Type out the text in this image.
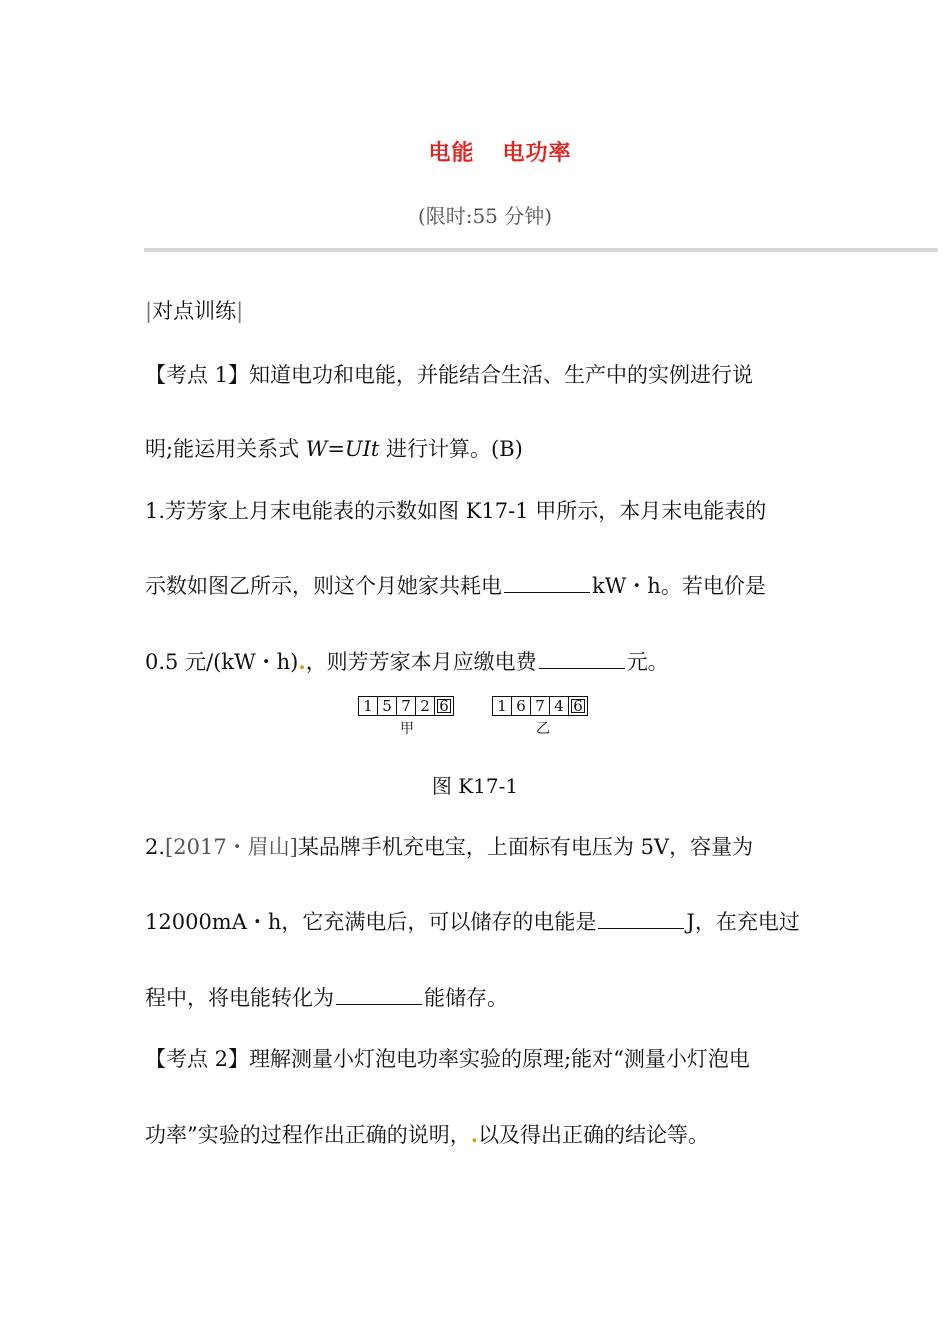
电能 电功率
(限时:55 分钟)
|对点训练|
【考点 1】知道电功和电能，并能结合生活、生产中的实例进行说
明;能运用关系式 W=UIt 进行计算。(B)
1.芳芳家上月末电能表的示数如图 K17-1 甲所示，本月末电能表的
示数如图乙所示，则这个月她家共耗电	kW・h。若电价是
0.5 元/(kW・h).，则芳芳家本月应缴电费	元。
1 5 7 2 6
甲
1 6 7 4 6
乙
图 K17-1
2.[2017・眉山]某品牌手机充电宝，上面标有电压为 5V，容量为
12000mA・h，它充满电后，可以储存的电能是	J，在充电过
程中，将电能转化为	能储存。
【考点 2】理解测量小灯泡电功率实验的原理;能对“测量小灯泡电
功率”实验的过程作出正确的说明，.以及得出正确的结论等。
